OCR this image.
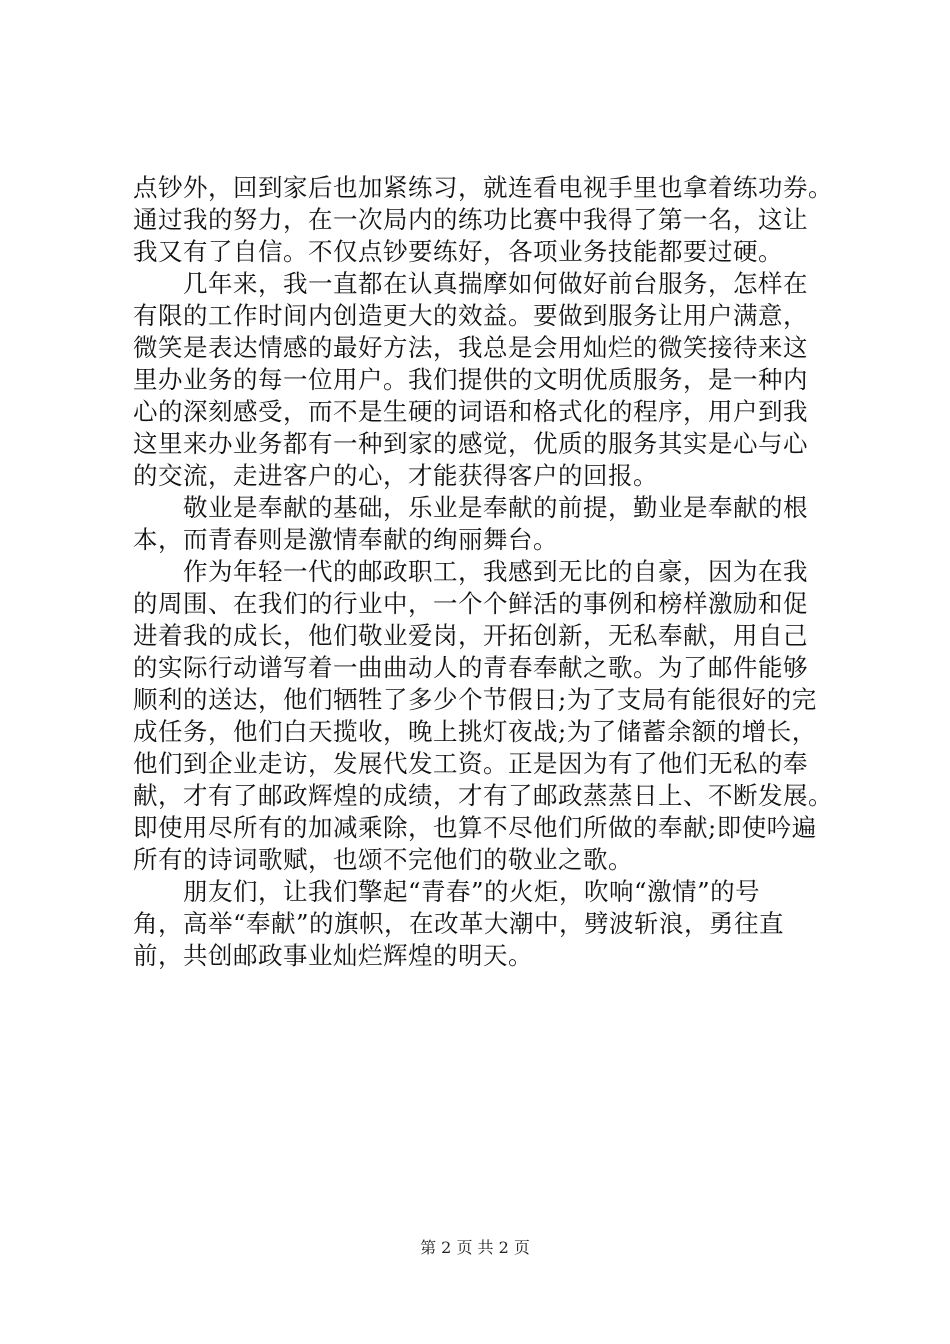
点钞外，回到家后也加紧练习，就连看电视手里也拿着练功券。
通过我的努力，在一次局内的练功比赛中我得了第一名，这让
我又有了自信。不仅点钞要练好，各项业务技能都要过硬。
　　几年来，我一直都在认真揣摩如何做好前台服务，怎样在
有限的工作时间内创造更大的效益。要做到服务让用户满意，
微笑是表达情感的最好方法，我总是会用灿烂的微笑接待来这
里办业务的每一位用户。我们提供的文明优质服务，是一种内
心的深刻感受，而不是生硬的词语和格式化的程序，用户到我
这里来办业务都有一种到家的感觉，优质的服务其实是心与心
的交流，走进客户的心，才能获得客户的回报。
　　敬业是奉献的基础，乐业是奉献的前提，勤业是奉献的根
本，而青春则是激情奉献的绚丽舞台。
　　作为年轻一代的邮政职工，我感到无比的自豪，因为在我
的周围、在我们的行业中，一个个鲜活的事例和榜样激励和促
进着我的成长，他们敬业爱岗，开拓创新，无私奉献，用自己
的实际行动谱写着一曲曲动人的青春奉献之歌。为了邮件能够
顺利的送达，他们牺牲了多少个节假日;为了支局有能很好的完
成任务，他们白天揽收，晚上挑灯夜战;为了储蓄余额的增长，
他们到企业走访，发展代发工资。正是因为有了他们无私的奉
献，才有了邮政辉煌的成绩，才有了邮政蒸蒸日上、不断发展。
即使用尽所有的加减乘除，也算不尽他们所做的奉献;即使吟遍
所有的诗词歌赋，也颂不完他们的敬业之歌。
　　朋友们，让我们擎起“青春”的火炬，吹响“激情”的号
角，高举“奉献”的旗帜，在改革大潮中，劈波斩浪，勇往直
前，共创邮政事业灿烂辉煌的明天。
第 2 页 共 2 页
